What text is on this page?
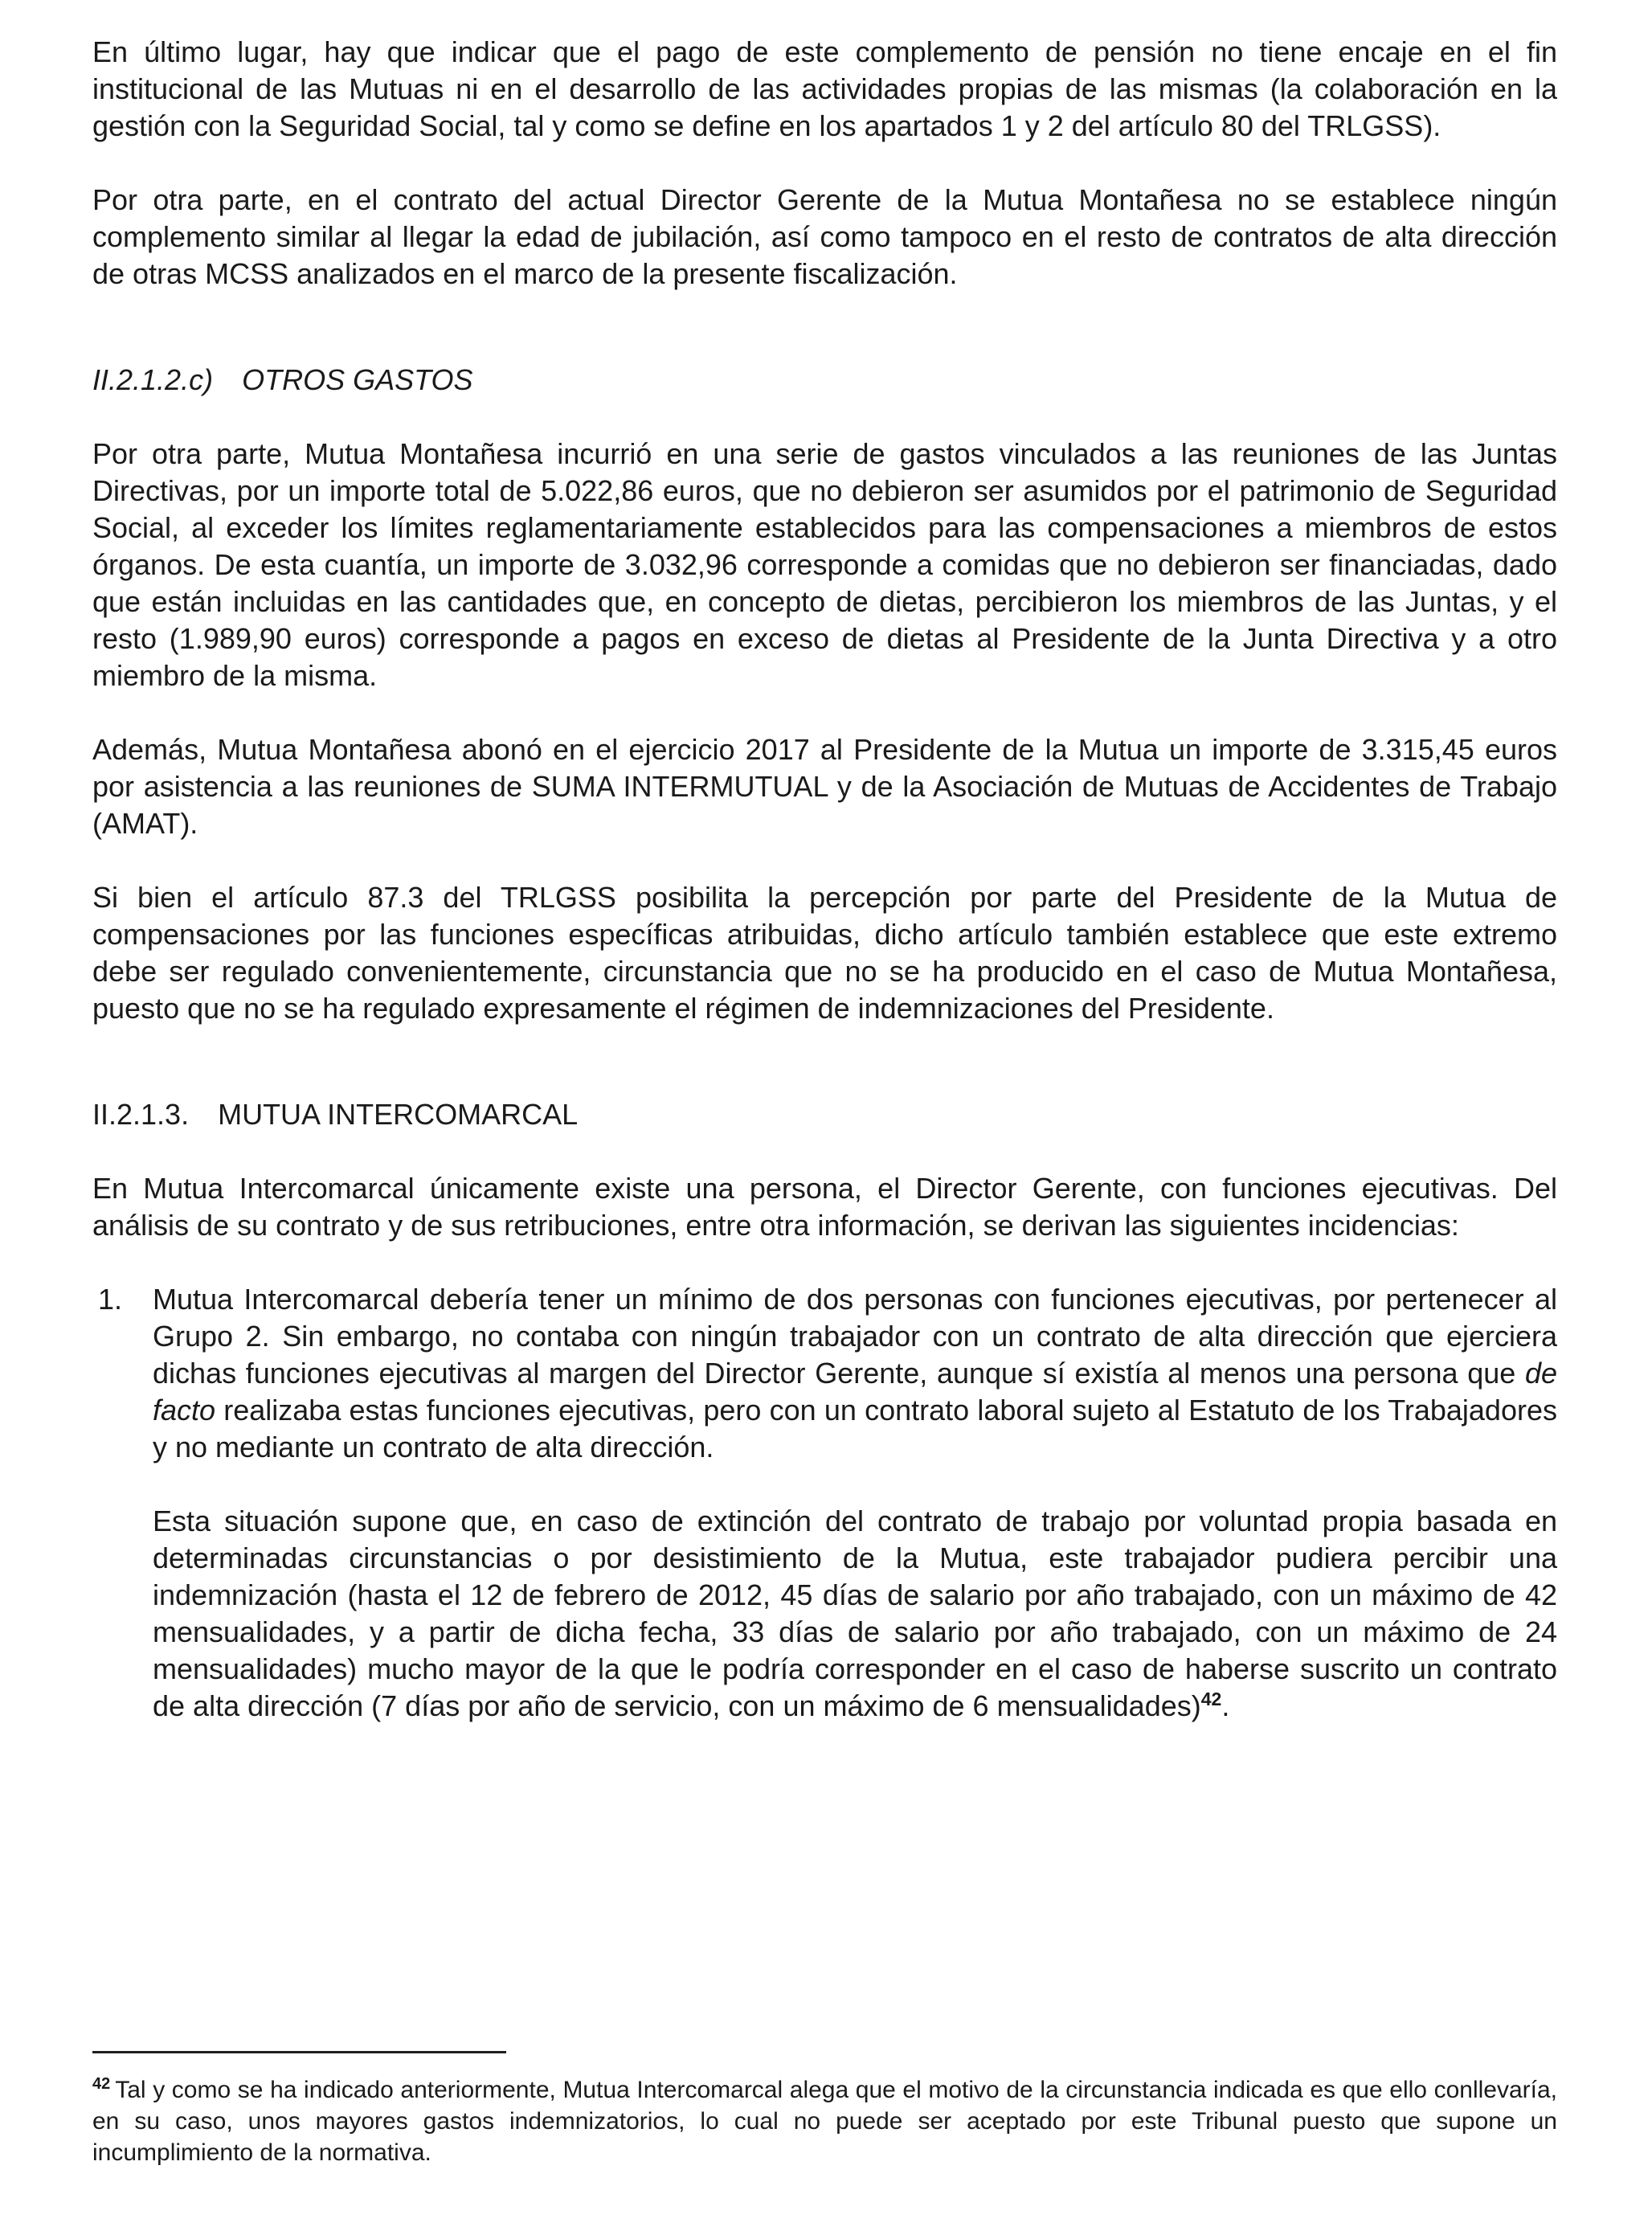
En último lugar, hay que indicar que el pago de este complemento de pensión no tiene encaje en el fin institucional de las Mutuas ni en el desarrollo de las actividades propias de las mismas (la colaboración en la gestión con la Seguridad Social, tal y como se define en los apartados 1 y 2 del artículo 80 del TRLGSS).

Por otra parte, en el contrato del actual Director Gerente de la Mutua Montañesa no se establece ningún complemento similar al llegar la edad de jubilación, así como tampoco en el resto de contratos de alta dirección de otras MCSS analizados en el marco de la presente fiscalización.

II.2.1.2.c) OTROS GASTOS

Por otra parte, Mutua Montañesa incurrió en una serie de gastos vinculados a las reuniones de las Juntas Directivas, por un importe total de 5.022,86 euros, que no debieron ser asumidos por el patrimonio de Seguridad Social, al exceder los límites reglamentariamente establecidos para las compensaciones a miembros de estos órganos. De esta cuantía, un importe de 3.032,96 corresponde a comidas que no debieron ser financiadas, dado que están incluidas en las cantidades que, en concepto de dietas, percibieron los miembros de las Juntas, y el resto (1.989,90 euros) corresponde a pagos en exceso de dietas al Presidente de la Junta Directiva y a otro miembro de la misma.

Además, Mutua Montañesa abonó en el ejercicio 2017 al Presidente de la Mutua un importe de 3.315,45 euros por asistencia a las reuniones de SUMA INTERMUTUAL y de la Asociación de Mutuas de Accidentes de Trabajo (AMAT).

Si bien el artículo 87.3 del TRLGSS posibilita la percepción por parte del Presidente de la Mutua de compensaciones por las funciones específicas atribuidas, dicho artículo también establece que este extremo debe ser regulado convenientemente, circunstancia que no se ha producido en el caso de Mutua Montañesa, puesto que no se ha regulado expresamente el régimen de indemnizaciones del Presidente.

II.2.1.3. MUTUA INTERCOMARCAL

En Mutua Intercomarcal únicamente existe una persona, el Director Gerente, con funciones ejecutivas. Del análisis de su contrato y de sus retribuciones, entre otra información, se derivan las siguientes incidencias:

1.	Mutua Intercomarcal debería tener un mínimo de dos personas con funciones ejecutivas, por pertenecer al Grupo 2. Sin embargo, no contaba con ningún trabajador con un contrato de alta dirección que ejerciera dichas funciones ejecutivas al margen del Director Gerente, aunque sí existía al menos una persona que de facto realizaba estas funciones ejecutivas, pero con un contrato laboral sujeto al Estatuto de los Trabajadores y no mediante un contrato de alta dirección.

Esta situación supone que, en caso de extinción del contrato de trabajo por voluntad propia basada en determinadas circunstancias o por desistimiento de la Mutua, este trabajador pudiera percibir una indemnización (hasta el 12 de febrero de 2012, 45 días de salario por año trabajado, con un máximo de 42 mensualidades, y a partir de dicha fecha, 33 días de salario por año trabajado, con un máximo de 24 mensualidades) mucho mayor de la que le podría corresponder en el caso de haberse suscrito un contrato de alta dirección (7 días por año de servicio, con un máximo de 6 mensualidades)$^{42}$.

$^{42}$ Tal y como se ha indicado anteriormente, Mutua Intercomarcal alega que el motivo de la circunstancia indicada es que ello conllevaría, en su caso, unos mayores gastos indemnizatorios, lo cual no puede ser aceptado por este Tribunal puesto que supone un incumplimiento de la normativa.
